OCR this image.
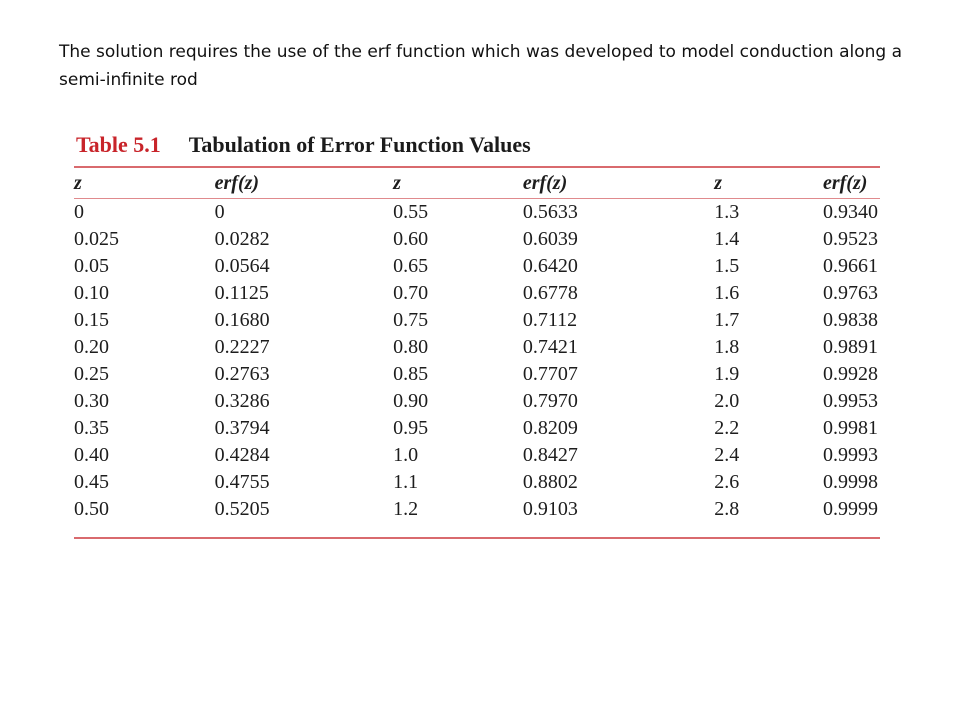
The solution requires the use of the erf function which was developed to model conduction along a semi-infinite rod
Table 5.1 Tabulation of Error Function Values
z	erf(z)	z	erf(z)	z	erf(z)

0	0	0.55	0.5633	1.3	0.9340
0.025	0.0282	0.60	0.6039	1.4	0.9523
0.05	0.0564	0.65	0.6420	1.5	0.9661
0.10	0.1125	0.70	0.6778	1.6	0.9763
0.15	0.1680	0.75	0.7112	1.7	0.9838
0.20	0.2227	0.80	0.7421	1.8	0.9891
0.25	0.2763	0.85	0.7707	1.9	0.9928
0.30	0.3286	0.90	0.7970	2.0	0.9953
0.35	0.3794	0.95	0.8209	2.2	0.9981
0.40	0.4284	1.0	0.8427	2.4	0.9993
0.45	0.4755	1.1	0.8802	2.6	0.9998
0.50	0.5205	1.2	0.9103	2.8	0.9999
